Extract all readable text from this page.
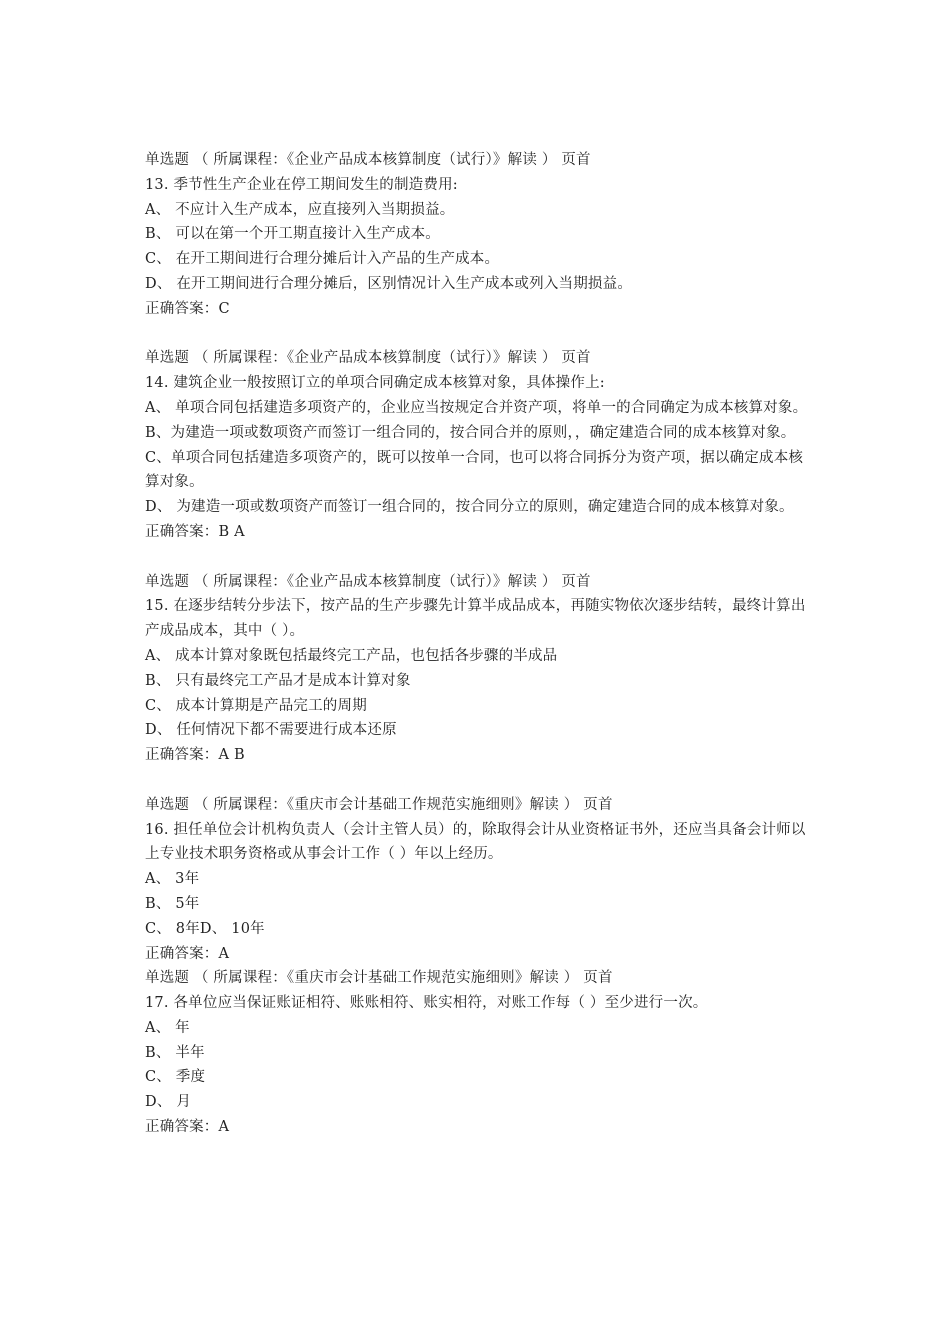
单选题 （ 所属课程：《企业产品成本核算制度（试行）》解读 ） 页首
13. 季节性生产企业在停工期间发生的制造费用:
A、 不应计入生产成本，应直接列入当期损益。
B、 可以在第一个开工期直接计入生产成本。
C、 在开工期间进行合理分摊后计入产品的生产成本。
D、 在开工期间进行合理分摊后，区别情况计入生产成本或列入当期损益。
正确答案：C
单选题 （ 所属课程：《企业产品成本核算制度（试行）》解读 ） 页首
14. 建筑企业一般按照订立的单项合同确定成本核算对象，具体操作上:
A、 单项合同包括建造多项资产的，企业应当按规定合并资产项，将单一的合同确定为成本核算对象。
B、为建造一项或数项资产而签订一组合同的，按合同合并的原则，，确定建造合同的成本核算对象。
C、单项合同包括建造多项资产的，既可以按单一合同，也可以将合同拆分为资产项，据以确定成本核算对象。
D、 为建造一项或数项资产而签订一组合同的，按合同分立的原则，确定建造合同的成本核算对象。
正确答案：B A
单选题 （ 所属课程：《企业产品成本核算制度（试行）》解读 ） 页首
15. 在逐步结转分步法下，按产品的生产步骤先计算半成品成本，再随实物依次逐步结转，最终计算出产成品成本，其中（ ）。
A、 成本计算对象既包括最终完工产品，也包括各步骤的半成品
B、 只有最终完工产品才是成本计算对象
C、 成本计算期是产品完工的周期
D、 任何情况下都不需要进行成本还原
正确答案：A B
单选题 （ 所属课程：《重庆市会计基础工作规范实施细则》解读 ） 页首
16. 担任单位会计机构负责人（会计主管人员）的，除取得会计从业资格证书外，还应当具备会计师以上专业技术职务资格或从事会计工作（ ）年以上经历。
A、 3年
B、 5年
C、 8年D、 10年
正确答案：A
单选题 （ 所属课程：《重庆市会计基础工作规范实施细则》解读 ） 页首
17. 各单位应当保证账证相符、账账相符、账实相符，对账工作每（ ）至少进行一次。
A、 年
B、 半年
C、 季度
D、 月
正确答案：A
